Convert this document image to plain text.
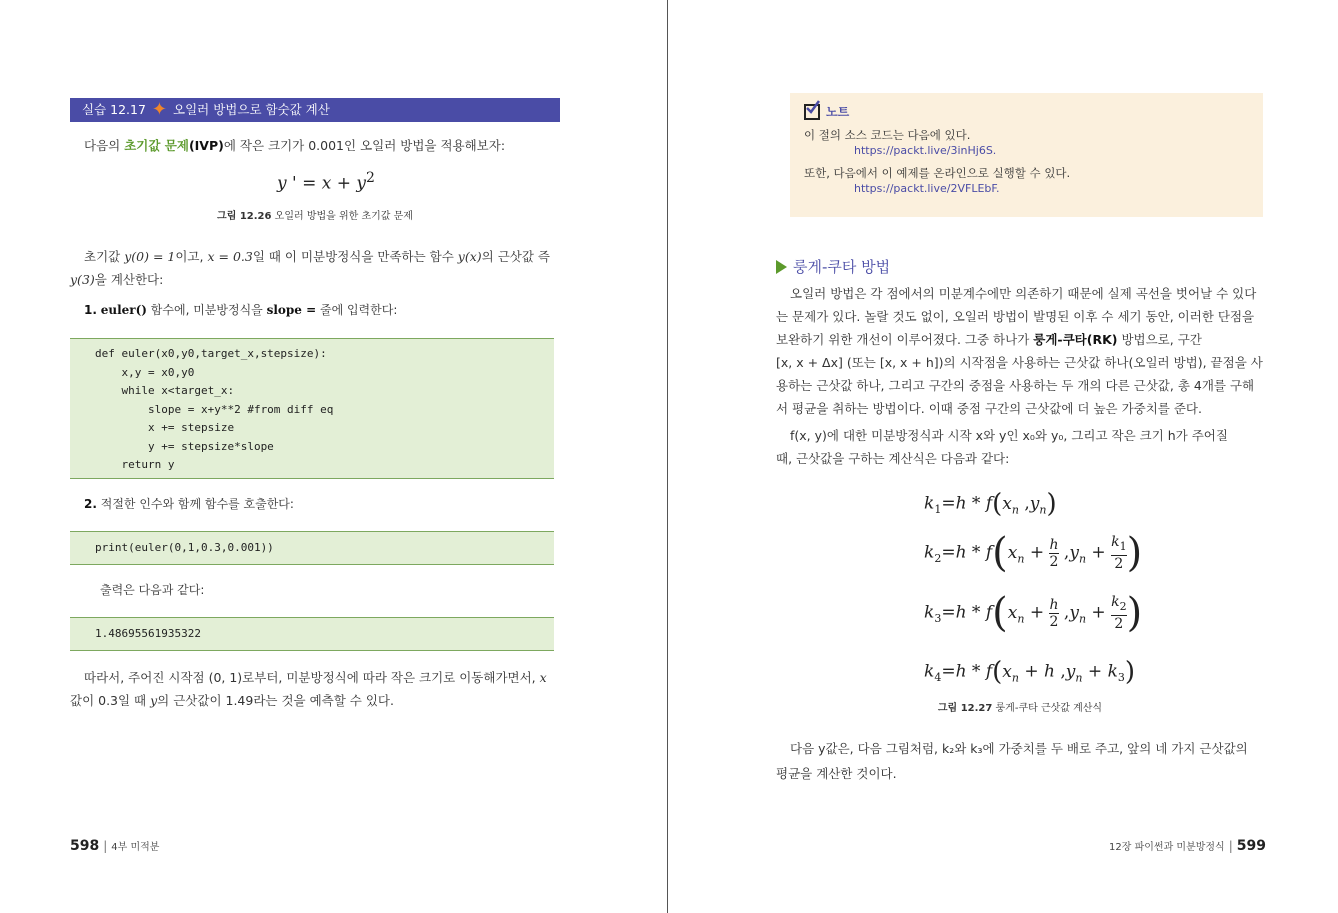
실습 12.17 ✦ 오일러 방법으로 함숫값 계산
다음의 초기값 문제(IVP)에 작은 크기가 0.001인 오일러 방법을 적용해보자:
y ' = $x + y^2$
그림 12.26 오일러 방법을 위한 초기값 문제
초기값 y(0) = 1이고, x = 0.3일 때 이 미분방정식을 만족하는 함수 y(x)의 근삿값 즉
y(3)을 계산한다:
1. euler() 함수에, 미분방정식을 slope = 줄에 입력한다:
def euler(x0,y0,target_x,stepsize):
x,y = x0,y0
while x<target_x:
slope = x+y**2 #from diff eq
x += stepsize
y += stepsize*slope
return y
2. 적절한 인수와 함께 함수를 호출한다:
print(euler(0,1,0.3,0.001))
출력은 다음과 같다:
1.48695561935322
따라서, 주어진 시작점 (0, 1)로부터, 미분방정식에 따라 작은 크기로 이동해가면서, x
값이 0.3일 때 y의 근삿값이 1.49라는 것을 예측할 수 있다.
598 | 4부 미적분
노트
이 절의 소스 코드는 다음에 있다.
https://packt.live/3inHj6S.
또한, 다음에서 이 예제를 온라인으로 실행할 수 있다.
https://packt.live/2VFLEbF.
룽게-쿠타 방법
오일러 방법은 각 점에서의 미분계수에만 의존하기 때문에 실제 곡선을 벗어날 수 있다
는 문제가 있다. 놀랄 것도 없이, 오일러 방법이 발명된 이후 수 세기 동안, 이러한 단점을
보완하기 위한 개선이 이루어졌다. 그중 하나가 룽게-쿠타(RK) 방법으로, 구간
[x, x + Δx] (또는 [x, x + h])의 시작점을 사용하는 근삿값 하나(오일러 방법), 끝점을 사
용하는 근삿값 하나, 그리고 구간의 중점을 사용하는 두 개의 다른 근삿값, 총 4개를 구해
서 평균을 취하는 방법이다. 이때 중점 구간의 근삿값에 더 높은 가중치를 준다.
f(x, y)에 대한 미분방정식과 시작 x와 y인 x₀와 y₀, 그리고 작은 크기 h가 주어질
때, 근삿값을 구하는 계산식은 다음과 같다:
$k_1=h * f(x_n$ $,y_n$)
$k_2=h * f(x_n + h$
2 $,y_n$ +
$k_1$
2)
$k_3=h * f(x_n + h$
2 $,y_n$ +
$k_2$
2)
$k_4=h * f(x_n + h$ $,y_n + k_3$)
그림 12.27 룽게-쿠타 근삿값 계산식
다음 y값은, 다음 그림처럼, k₂와 k₃에 가중치를 두 배로 주고, 앞의 네 가지 근삿값의
평균을 계산한 것이다.
12장 파이썬과 미분방정식 | 599
